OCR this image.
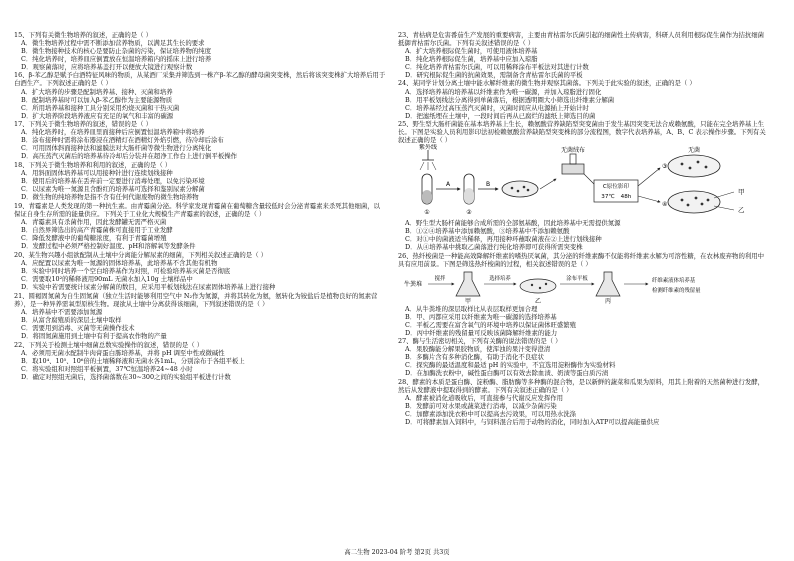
15、下列有关微生物培养的叙述，正确的是（ ）

A．微生物培养过程中需不断添加营养物质，以满足其生长的要求

B．微生物接种技术的核心是要防止杂菌的污染，保证培养物的纯度

C．纯化培养时，培养皿应倒置放在恒温培养箱内的摇床上进行培养

D．观察菌落时，应将培养基盖打开以便放大镜进行观察计数

16、β-苯乙醇是赋予白酒特征风味的物质，从某酒厂采集并筛选到一株产β-苯乙醇的酵母菌突变株，然后将该突变株扩大培养后用于白酒生产。下列叙述正确的是（ ）

A．扩大培养的步骤是配制培养基、接种、灭菌和培养

B．配制培养基时可以加入β-苯乙醇作为主要能源物质

C．所用培养基和接种工具分别采用灼烧灭菌和干热灭菌

D．扩大培养阶段培养液应有充足的氧气和丰富的碳源

17、下列关于微生物培养的叙述，错误的是（ ）

A．纯化培养时，在培养皿里面接种后应倒置恒温培养箱中将培养

B．涂布接种时需将涂布器浸在酒精灯在酒精灯外焰引燃，待冷却后涂布

C．可用固体斜面接种法和滤膜法对大肠杆菌等微生物进行分离纯化

D．高压蒸汽灭菌后的培养基待冷却后分装并在超净工作台上进行倒平板操作

18、下列关于微生物培养和利用的叙述，正确的是（ ）

A．用斜面固体培养基可以用接种针进行连续划线接种

B．使用后的培养基在丢弃前一定要进行消毒处理，以免污染环境

C．以尿素为唯一氮源且含酚红的培养基可选择和鉴别尿素分解菌

D．微生物的纯培养物是指不含有任何代谢废物的微生物培养物

19、青霉素是人类发现的第一种抗生素。由青霉菌分泌。科学家发现青霉菌在葡萄糖含量较低时会分泌青霉素来杀死其他细菌，以保证自身生存所需的能量供应。下列关于工业化大规模生产青霉素的叙述，正确的是（ ）

A．青霉素具有杀菌作用，因此发酵罐无需严格灭菌

B．自然界筛选出的高产青霉菌株可直接用于工业发酵

C．降低发酵液中的葡萄糖浓度，有利于青霉菌增殖

D．发酵过程中必须严格控制好温度、pH和溶解氧等发酵条件

20、某生物兴趣小组欲配制从土壤中分离能分解尿素的细菌，下列相关叙述正确的是（ ）

A．应配置以尿素为唯一氮源的固体培养基，此培养基不含其他有机物

B．实验中同时培养一个空白培养基作为对照，可检验培养基灭菌是否彻底

C．需要取10²的稀释液用90mL 无菌水加入10g 土壤样品中

D．实验中若需要统计尿素分解菌的数目，应采用平板划线法在尿素固体培养基上进行接种

21、圆褐固氮菌为自生固氮菌（独立生活时能够利用空气中 N₂作为氮源，并将其转化为氨，氨转化为铵盐后是植物良好的氮素营养），是一种异养需氧型原核生物。现欲从土壤中分离获得该细菌，下列叙述错误的是（ ）

A．培养基中不需要添加氮源

B．从富含腐殖质的深层土壤中取样

C．需要用到消毒、灭菌等无菌操作技术

D．将固氮菌施用到土壤中有利于提高农作物的产量

22、下列关于检测土壤中细菌总数实验操作的叙述，错误的是（ ）

A．必须用无菌水配制牛肉膏蛋白胨培养基，并将 pH 调至中性或微碱性

B．取10⁴、10⁵、10⁶倍的土壤稀释液和无菌水各1mL，分别涂布于各组平板上

C．将实验组和对照组平板倒置，37℃恒温培养24~48 小时

D．确定对照组无菌后，选择菌落数在30~300之间的实验组平板进行计数

23、青枯病是危害番茄生产发展的重要病害，主要由青枯雷尔氏菌引起的细菌性土传病害，科研人员利用根际促生菌作为拮抗细菌抵御青枯雷尔氏菌。下列有关叙述错误的是（ ）

A．扩大培养根际促生菌时，可使用液体培养基

B．纯化培养根际促生菌，培养基中应加入琼脂

C．纯化培养青枯雷尔氏菌，可以用稀释涂布平板法对其进行计数

D．研究根际促生菌的抗菌效果，需制备含青枯雷尔氏菌的平板

24、某同学计划分离土壤中能水解纤维素的微生物并观察其菌落。下列关于此实验的叙述，正确的是（ ）

A．选择培养基的培养基以纤维素作为唯一碳源，并加入琼脂进行固化

B．用平板划线法分离得到单菌落后，根据透明圈大小筛选出纤维素分解菌

C．培养基经过高压蒸汽灭菌时，灭菌时间应从电源插上开始计时

D．把滤纸埋在土壤中，一段时间后再从已腐烂的滤纸上筛选目的菌

25、野生型大肠杆菌能在基本培养基上生长，赖氨酸营养缺陷型突变菌由于发生基因突变无法合成赖氨酸，只能在完全培养基上生长。下图是实验人员利用影印法初检赖氨酸营养缺陷型突变株的部分流程图，数字代表培养基，A、B、C 表示操作步骤。下列有关叙述正确的是（ ）

紫外线
①
A
②
B
无菌绒布
C原位影印
37℃ 48h
③
无菌
④
甲
乙

A．野生型大肠杆菌能够合成所需的全部氨基酸，因此培养基中无需提供氮源

B．①②④培养基中添加赖氨酸，③培养基中不添加赖氨酸

C．对①中的菌液适当稀释，再用接种环蘸取菌液在②上进行划线接种

D．从④培养基中挑取乙菌落进行纯化培养即可获得所需突变株

26、热纤梭菌是一种能高效降解纤维素的嗜热厌氧菌，其分泌的纤维素酶不仅能将纤维素水解为可溶性糖，在农林废弃物的利用中具有应用前景。下图是筛选热纤梭菌的过程，相关叙述错误的是（ ）

牛粪堆
搅拌
甲
选择培养
乙
涂布平板
丙
纤维素液体培养基
检测纤维素的残留量

A．从牛粪堆的深层取样比从表层取样更加合理

B．甲、丙都应采用以纤维素为唯一碳源的选择培养基

C．平板乙需要在富含氧气的环境中培养以保证菌体旺盛繁殖

D．丙中纤维素的残留量可反映该菌降解纤维素的能力

27、酶与生活密切相关，下列有关酶的说法错误的是（ ）

A．果胶酶能分解果胶物质，使浑浊的果汁变得澄清

B．多酶片含有多种消化酶，有助于消化不良症状

C．探究酶的最适温度和最适 pH 的实验中，不宜选用淀粉酶作为实验材料

D．在加酶洗衣粉中，碱性蛋白酶可以有效去除血渍、奶渍等蛋白质污渍

28、酵素的本质是蛋白酶、淀粉酶、脂肪酶等多种酶的混合物，是以新鲜的蔬菜和瓜果为原料，用其上附着的天然菌种进行发酵，然后从发酵液中提取得到的酵素。下列有关叙述正确的是（ ）

A．酵素被消化道吸收后，可直接参与代谢反应发挥作用

B．发酵前可对水果或蔬菜进行消毒，以减少杂菌污染

C．加酵素添加洗衣粉中可以提高去污效果，可以用热水洗涤

D．可将酵素加入饲料中，与饲料混合后用于动物的消化，同时加入ATP可以提高能量供应

高二生物 2023-04 阶考 第2页 共3页
